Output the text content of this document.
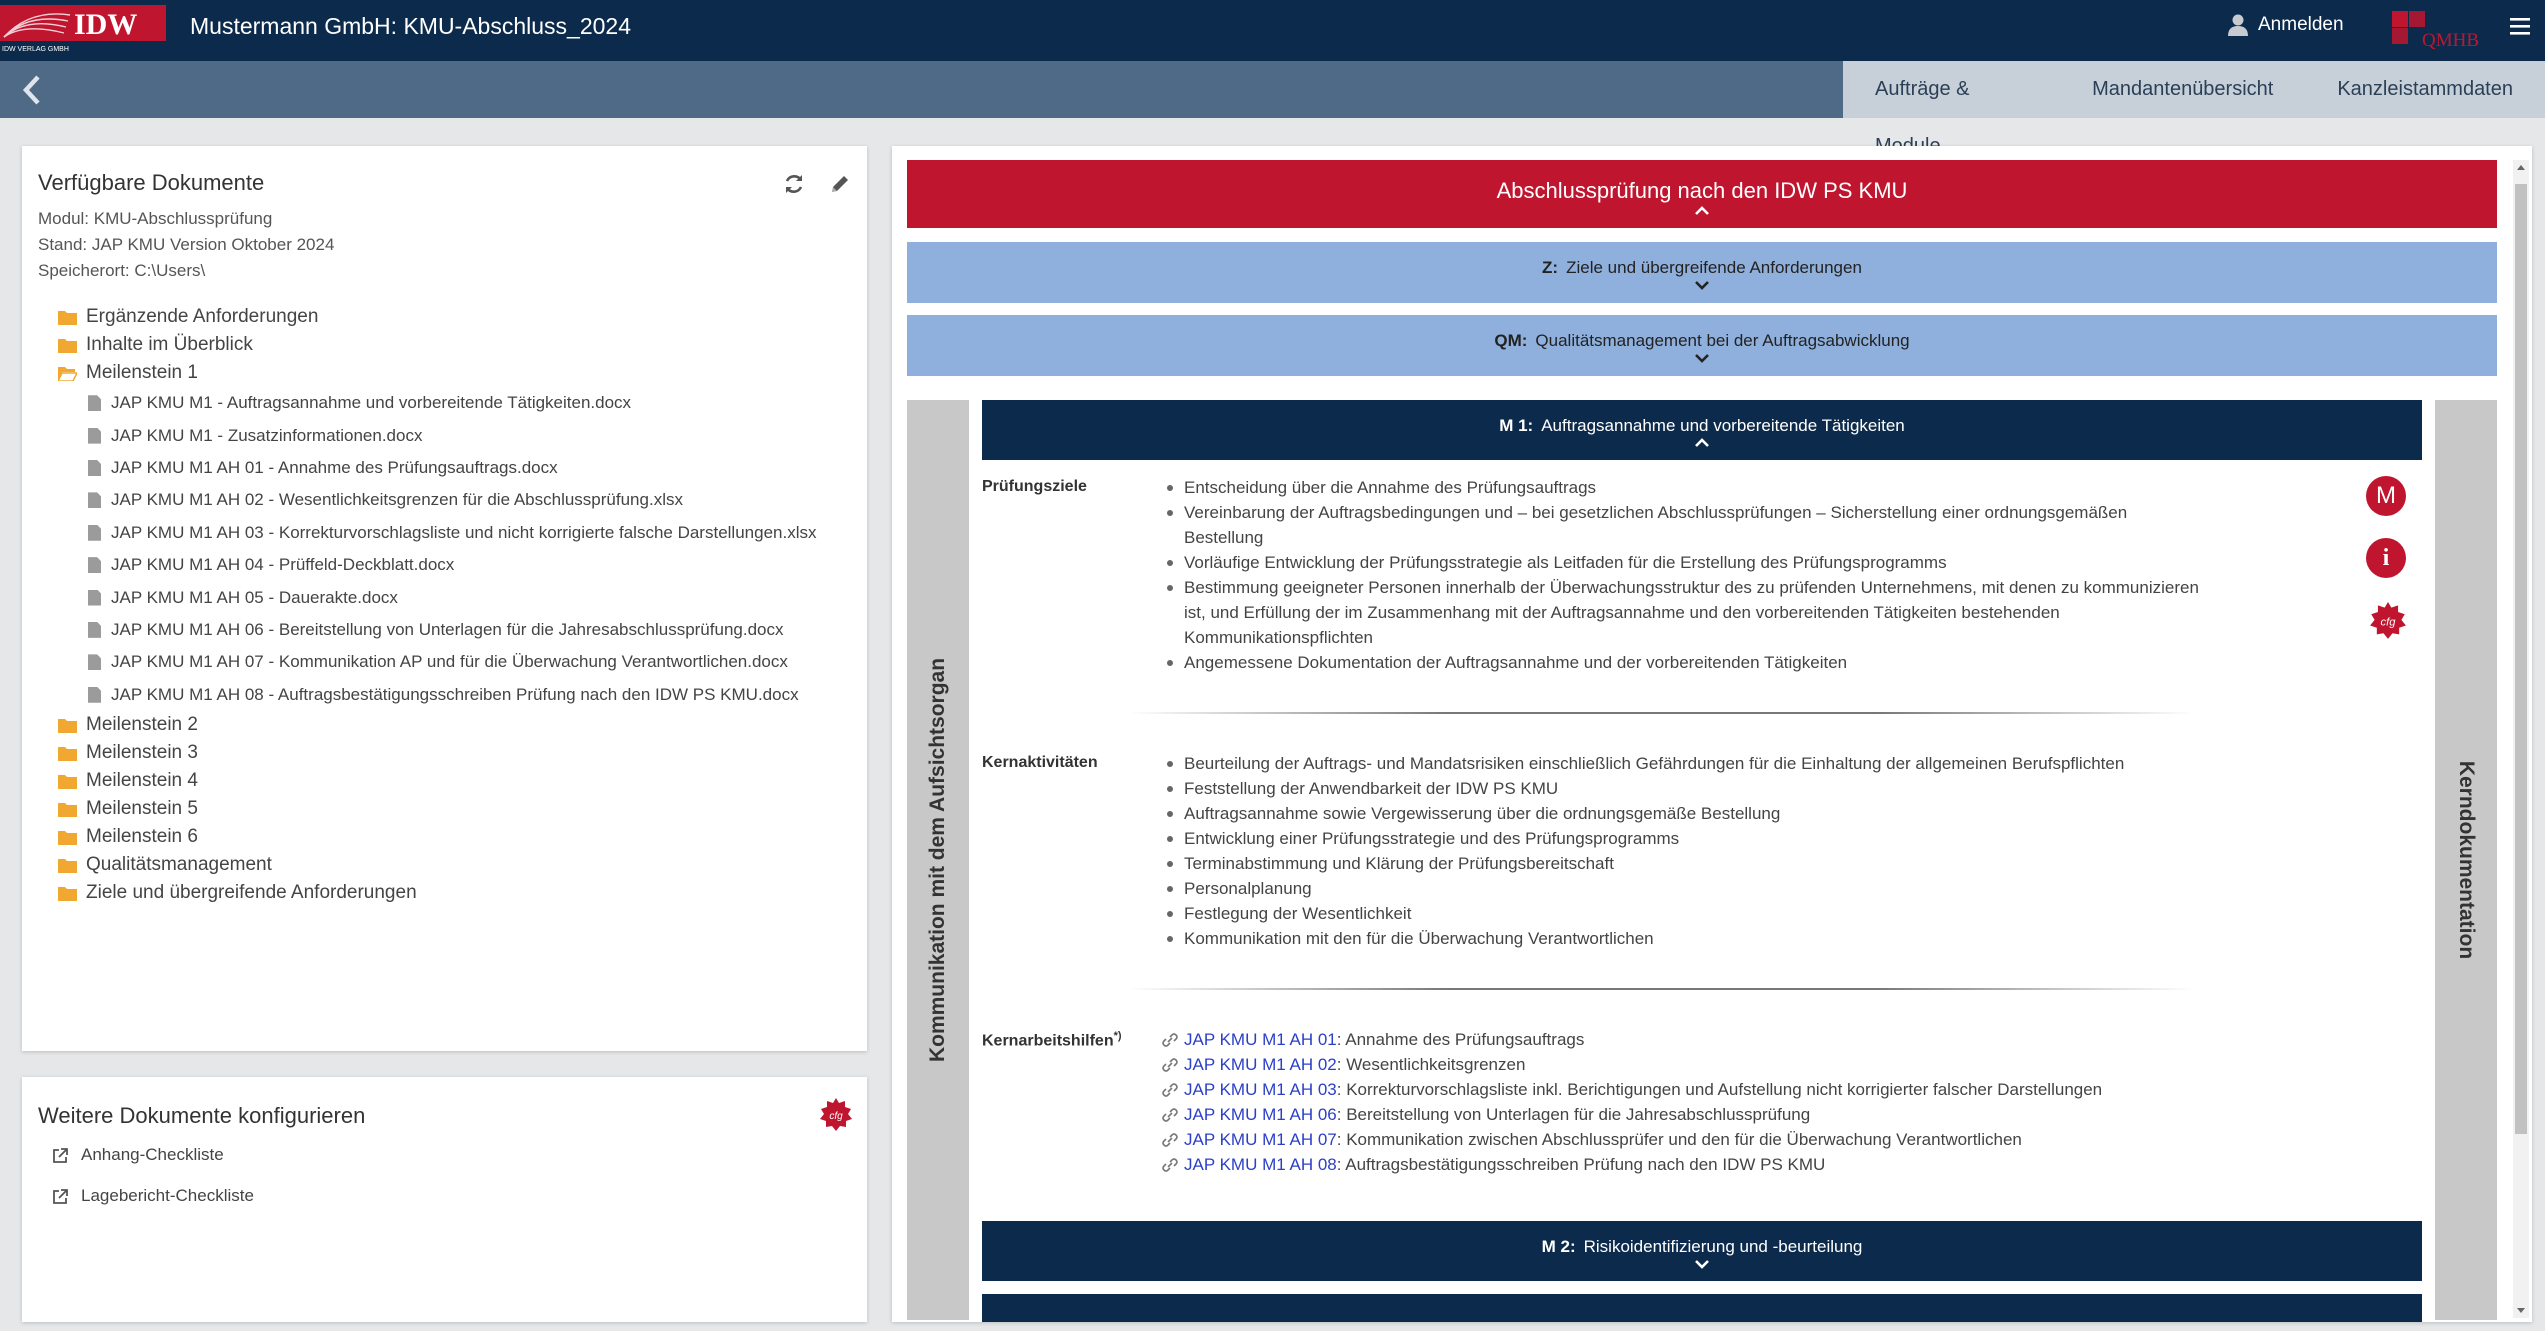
IDW
IDW VERLAG GMBH
Mustermann GmbH: KMU-Abschluss_2024	Anmelden
QMHB
Aufträge &	Mandantenübersicht	Kanzleistammdaten
Verfügbare Dokumente
Modul: KMU-Abschlussprüfung
Stand: JAP KMU Version Oktober 2024
Speicherort: C:\Users\
Ergänzende Anforderungen
Inhalte im Überblick
Meilenstein 1
JAP KMU M1 - Auftragsannahme und vorbereitende Tätigkeiten.docx
JAP KMU M1 - Zusatzinformationen.docx
JAP KMU M1 AH 01 - Annahme des Prüfungsauftrags.docx
JAP KMU M1 AH 02 - Wesentlichkeitsgrenzen für die Abschlussprüfung.xlsx
JAP KMU M1 AH 03 - Korrekturvorschlagsliste und nicht korrigierte falsche Darstellungen.xlsx
JAP KMU M1 AH 04 - Prüffeld-Deckblatt.docx
JAP KMU M1 AH 05 - Dauerakte.docx
JAP KMU M1 AH 06 - Bereitstellung von Unterlagen für die Jahresabschlussprüfung.docx
JAP KMU M1 AH 07 - Kommunikation AP und für die Überwachung Verantwortlichen.docx
JAP KMU M1 AH 08 - Auftragsbestätigungsschreiben Prüfung nach den IDW PS KMU.docx
Meilenstein 2
Meilenstein 3
Meilenstein 4
Meilenstein 5
Meilenstein 6
Qualitätsmanagement
Ziele und übergreifende Anforderungen
Weitere Dokumente konfigurieren	cfg
Anhang-Checkliste
Lagebericht-Checkliste
Abschlussprüfung nach den IDW PS KMU
Z: Ziele und übergreifende Anforderungen
QM: Qualitätsmanagement bei der Auftragsabwicklung
Kommunikation mit dem Aufsichtsorgan	Kerndokumentation
M 1: Auftragsannahme und vorbereitende Tätigkeiten
Prüfungsziele	Entscheidung über die Annahme des Prüfungsauftrags
Vereinbarung der Auftragsbedingungen und – bei gesetzlichen Abschlussprüfungen – Sicherstellung einer ordnungsgemäßen Bestellung
Vorläufige Entwicklung der Prüfungsstrategie als Leitfaden für die Erstellung des Prüfungsprogramms
Bestimmung geeigneter Personen innerhalb der Überwachungsstruktur des zu prüfenden Unternehmens, mit denen zu kommunizieren ist, und Erfüllung der im Zusammenhang mit der Auftragsannahme und den vorbereitenden Tätigkeiten bestehenden Kommunikationspflichten
Angemessene Dokumentation der Auftragsannahme und der vorbereitenden Tätigkeiten
M
i
cfg
Kernaktivitäten	Beurteilung der Auftrags- und Mandatsrisiken einschließlich Gefährdungen für die Einhaltung der allgemeinen Berufspflichten
Feststellung der Anwendbarkeit der IDW PS KMU
Auftragsannahme sowie Vergewisserung über die ordnungsgemäße Bestellung
Entwicklung einer Prüfungsstrategie und des Prüfungsprogramms
Terminabstimmung und Klärung der Prüfungsbereitschaft
Personalplanung
Festlegung der Wesentlichkeit
Kommunikation mit den für die Überwachung Verantwortlichen
Kernarbeitshilfen*)	JAP KMU M1 AH 01 : Annahme des Prüfungsauftrags
JAP KMU M1 AH 02 : Wesentlichkeitsgrenzen
JAP KMU M1 AH 03 : Korrekturvorschlagsliste inkl. Berichtigungen und Aufstellung nicht korrigierter falscher Darstellungen
JAP KMU M1 AH 06 : Bereitstellung von Unterlagen für die Jahresabschlussprüfung
JAP KMU M1 AH 07 : Kommunikation zwischen Abschlussprüfer und den für die Überwachung Verantwortlichen
JAP KMU M1 AH 08 : Auftragsbestätigungsschreiben Prüfung nach den IDW PS KMU
M 2: Risikoidentifizierung und -beurteilung
